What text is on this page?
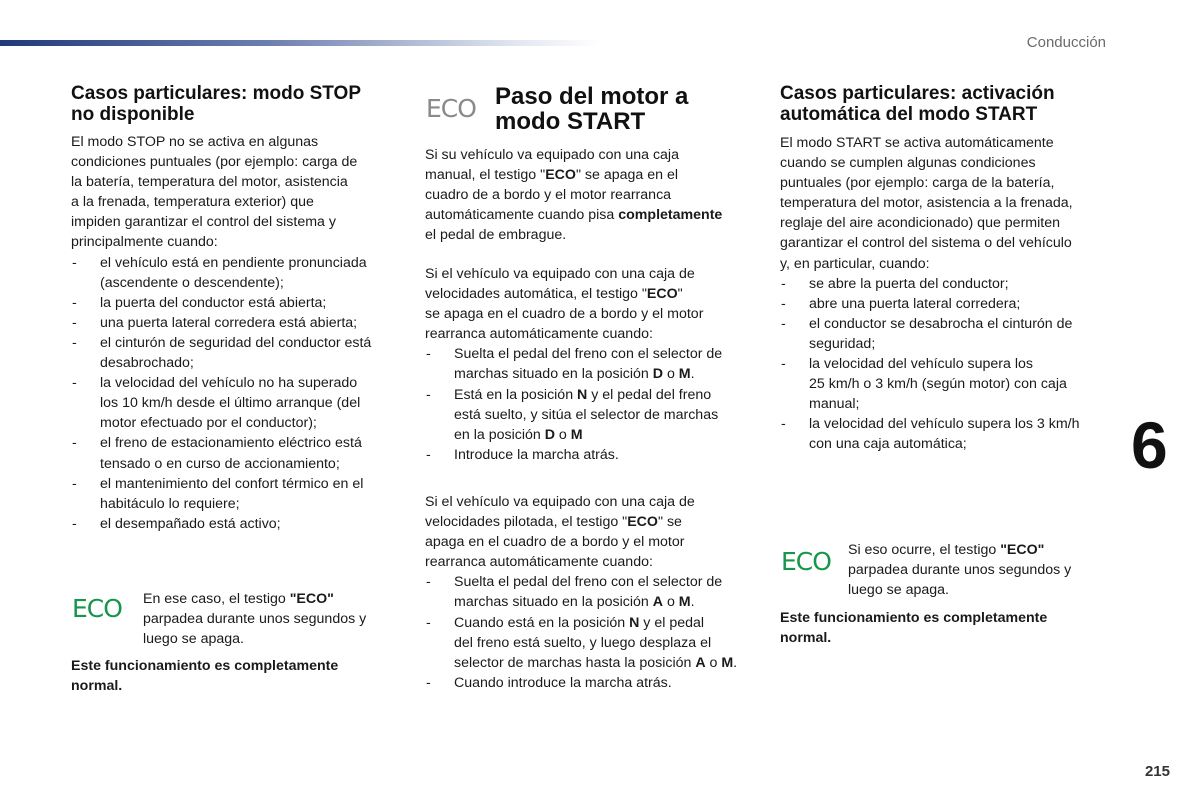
Conducción
Casos particulares: modo STOP
no disponible

El modo STOP no se activa en algunas

condiciones puntuales (por ejemplo: carga de

la batería, temperatura del motor, asistencia

a la frenada, temperatura exterior) que

impiden garantizar el control del sistema y

principalmente cuando:

- el vehículo está en pendiente pronunciada
(ascendente o descendente);
- la puerta del conductor está abierta;
- una puerta lateral corredera está abierta;
- el cinturón de seguridad del conductor está
desabrochado;
- la velocidad del vehículo no ha superado
los 10 km/h desde el último arranque (del
motor efectuado por el conductor);
- el freno de estacionamiento eléctrico está
tensado o en curso de accionamiento;
- el mantenimiento del confort térmico en el
habitáculo lo requiere;
- el desempañado está activo;
ECO En ese caso, el testigo "ECO"
parpadea durante unos segundos y
luego se apaga.

Este funcionamiento es completamente
normal.

ECO Paso del motor a
modo START

Si su vehículo va equipado con una caja

manual, el testigo "ECO" se apaga en el

cuadro de a bordo y el motor rearranca

automáticamente cuando pisa completamente

el pedal de embrague.

Si el vehículo va equipado con una caja de

velocidades automática, el testigo "ECO"

se apaga en el cuadro de a bordo y el motor

rearranca automáticamente cuando:

- Suelta el pedal del freno con el selector de
marchas situado en la posición D o M.
- Está en la posición N y el pedal del freno
está suelto, y sitúa el selector de marchas
en la posición D o M
- Introduce la marcha atrás.

Si el vehículo va equipado con una caja de

velocidades pilotada, el testigo "ECO" se

apaga en el cuadro de a bordo y el motor

rearranca automáticamente cuando:

- Suelta el pedal del freno con el selector de
marchas situado en la posición A o M.
- Cuando está en la posición N y el pedal
del freno está suelto, y luego desplaza el
selector de marchas hasta la posición A o M.
- Cuando introduce la marcha atrás.
Casos particulares: activación
automática del modo START

El modo START se activa automáticamente

cuando se cumplen algunas condiciones

puntuales (por ejemplo: carga de la batería,

temperatura del motor, asistencia a la frenada,

reglaje del aire acondicionado) que permiten

garantizar el control del sistema o del vehículo

y, en particular, cuando:

- se abre la puerta del conductor;
- abre una puerta lateral corredera;
- el conductor se desabrocha el cinturón de
seguridad;
- la velocidad del vehículo supera los
25 km/h o 3 km/h (según motor) con caja
manual;
- la velocidad del vehículo supera los 3 km/h
con una caja automática;
ECO Si eso ocurre, el testigo "ECO"
parpadea durante unos segundos y
luego se apaga.

Este funcionamiento es completamente
normal.

6
215
